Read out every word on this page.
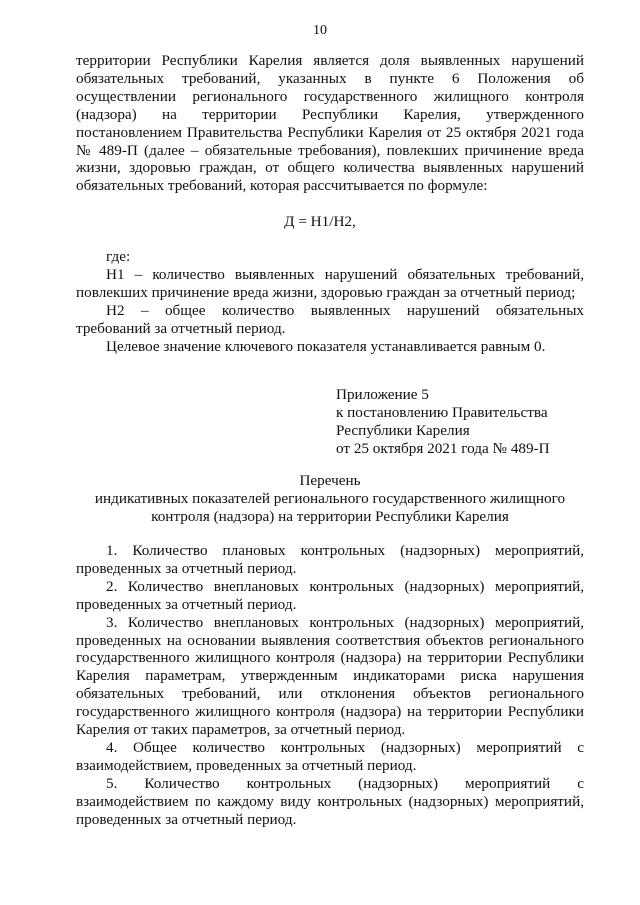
10

территории Республики Карелия является доля выявленных нарушений обязательных требований, указанных в пункте 6 Положения об осуществлении регионального государственного жилищного контроля (надзора) на территории Республики Карелия, утвержденного постановлением Правительства Республики Карелия от 25 октября 2021 года № 489-П (далее – обязательные требования), повлекших причинение вреда жизни, здоровью граждан, от общего количества выявленных нарушений обязательных требований, которая рассчитывается по формуле:

Д = Н1/Н2,

где:

Н1 – количество выявленных нарушений обязательных требований, повлекших причинение вреда жизни, здоровью граждан за отчетный период;

Н2 – общее количество выявленных нарушений обязательных требований за отчетный период.

Целевое значение ключевого показателя устанавливается равным 0.

Приложение 5
к постановлению Правительства
Республики Карелия
от 25 октября 2021 года № 489-П
Перечень
индикативных показателей регионального государственного жилищного
контроля (надзора) на территории Республики Карелия

1. Количество плановых контрольных (надзорных) мероприятий, проведенных за отчетный период.

2. Количество внеплановых контрольных (надзорных) мероприятий, проведенных за отчетный период.

3. Количество внеплановых контрольных (надзорных) мероприятий, проведенных на основании выявления соответствия объектов регионального государственного жилищного контроля (надзора) на территории Республики Карелия параметрам, утвержденным индикаторами риска нарушения обязательных требований, или отклонения объектов регионального государственного жилищного контроля (надзора) на территории Республики Карелия от таких параметров, за отчетный период.

4. Общее количество контрольных (надзорных) мероприятий с взаимодействием, проведенных за отчетный период.

5. Количество контрольных (надзорных) мероприятий с взаимодействием по каждому виду контрольных (надзорных) мероприятий, проведенных за отчетный период.
